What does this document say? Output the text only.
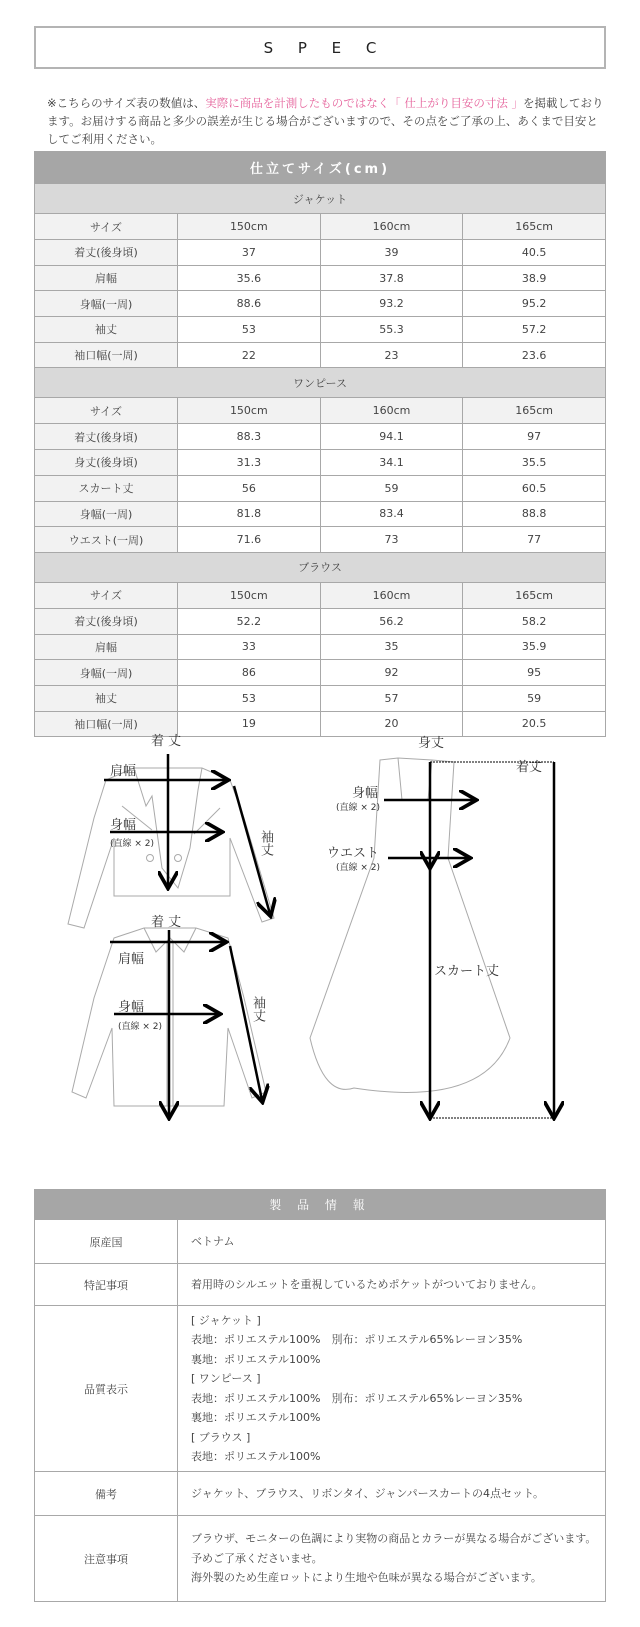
S P E C

※こちらのサイズ表の数値は、実際に商品を計測したものではなく「 仕上がり目安の寸法 」を掲載しております。お届けする商品と多少の誤差が生じる場合がございますので、その点をご了承の上、あくまで目安としてご利用ください。

仕立てサイズ(cm)			
ジャケット			
サイズ	150cm	160cm	165cm
着丈(後身頃)	37	39	40.5
肩幅	35.6	37.8	38.9
身幅(一周)	88.6	93.2	95.2
袖丈	53	55.3	57.2
袖口幅(一周)	22	23	23.6
ワンピース			
サイズ	150cm	160cm	165cm
着丈(後身頃)	88.3	94.1	97
身丈(後身頃)	31.3	34.1	35.5
スカート丈	56	59	60.5
身幅(一周)	81.8	83.4	88.8
ウエスト(一周)	71.6	73	77
ブラウス			
サイズ	150cm	160cm	165cm
着丈(後身頃)	52.2	56.2	58.2
肩幅	33	35	35.9
身幅(一周)	86	92	95
袖丈	53	57	59
袖口幅(一周)	19	20	20.5
着 丈
肩幅
身幅
(直線 × 2)	袖丈
着 丈
肩幅
身幅
(直線 × 2)
袖丈
身丈
着丈
身幅
(直線 × 2)
ウエスト
(直線 × 2)
スカート丈
製 品 情 報	
原産国	ベトナム

特記事項	着用時のシルエットを重視しているためポケットがついておりません。

品質表示	
[ ジャケット ]
表地：ポリエステル100%　別布：ポリエステル65%レーヨン35%
裏地：ポリエステル100%
[ ワンピース ]
表地：ポリエステル100%　別布：ポリエステル65%レーヨン35%
裏地：ポリエステル100%
[ ブラウス ]
表地：ポリエステル100%

備考	ジャケット、ブラウス、リボンタイ、ジャンパースカートの4点セット。

注意事項	ブラウザ、モニターの色調により実物の商品とカラーが異なる場合がございます。
予めご了承くださいませ。
海外製のため生産ロットにより生地や色味が異なる場合がございます。
